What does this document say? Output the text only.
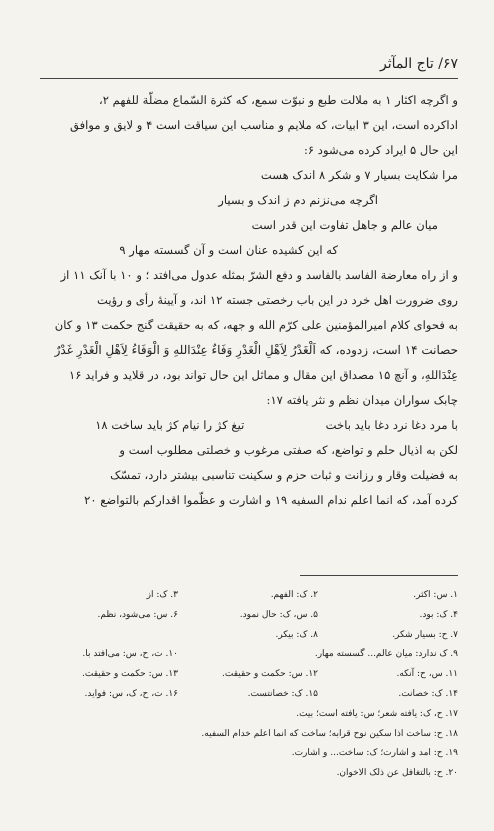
۶۷/ تاج المآثر
و اگرچه اکثار ۱ به ملالت طبع و نبوّت سمع، که کثرة السّماع مضلّة للفهم ۲،
اداکرده است، این ۳ ابیات، که ملایم و مناسب این سیاقت است ۴ و لایق و موافق
این حال ۵ ایراد کرده می‌شود ۶:
مرا شکایت بسیار ۷ و شکر ۸ اندک هست
اگرچه می‌نزنم دم ز اندک و بسیار
میان عالم و جاهل تفاوت این قدر است
که این کشیده عنان است و آن گسسته مهار ۹
و از راه معارضة الفاسد بالفاسد و دفع الشرّ بمثله عدول می‌افتد ؛ و ۱۰ با آنک ۱۱ از
روی ضرورت اهل خرد در این باب رخصتی جسته ۱۲ اند، و آیینهٔ رأی و رؤیت
به فحوای کلام امیرالمؤمنین علی کرّم الله و جهه، که به حقیقت گنج حکمت ۱۳ و کان
حصانت ۱۴ است، زدوده، که اَلْغَدْرُ لِاَهْلِ الْغَدْرِ وَفَاءٌ عِنْدَاللهِ وَ الْوَفَاءُ لِاَهْلِ الْغَدْرِ غَدْرٌ
عِنْدَاللهِ، و آنچ ۱۵ مصداق این مقال و مماثل این حال تواند بود، در قلاید و فراید ۱۶
چابک سواران میدان نظم و نثر یافته ۱۷:
با مرد دغا نرد دغا باید باخت تیغ کژ را نیام کژ باید ساخت ۱۸
لکن به اذیال حلم و تواضع، که صفتی مرغوب و خصلتی مطلوب است و
به فضیلت وقار و رزانت و ثبات حزم و سکینت تناسبی بیشتر دارد، تمسّک
کرده آمد، که انما اعلم ندام السفیه ۱۹ و اشارت و عظّموا اقدارکم بالتواضع ۲۰
۱. س: اکثر.۲. ک: الفهم.۳. ک: از
۴. ک: بود.۵. س، ک: حال نمود.۶. س: می‌شود، نظم.
۷. ح: بسیار شکر.۸. ک: بیکر.
۹. ک ندارد: میان عالم... گسسته مهار.۱۰. ت، ح، س: می‌افتد با.
۱۱. س، ح: آنکه.۱۲. س: حکمت و حقیقت.۱۳. س: حکمت و حقیقت.
۱۴. ک: خصانت.۱۵. ک: خصانتست.۱۶. ت، ح، ک، س: فواید.
۱۷. ح، ک: یافته شعر؛ س: یافته است؛ بیت.
۱۸. ح: ساخت اذا سکین نوح قرابه؛ ساخت که انما اعلم خدام السفیه.
۱۹. ح: امد و اشارت؛ ک: ساخت... و اشارت.
۲۰. ح: بالتغافل عن ذلک الاخوان.
